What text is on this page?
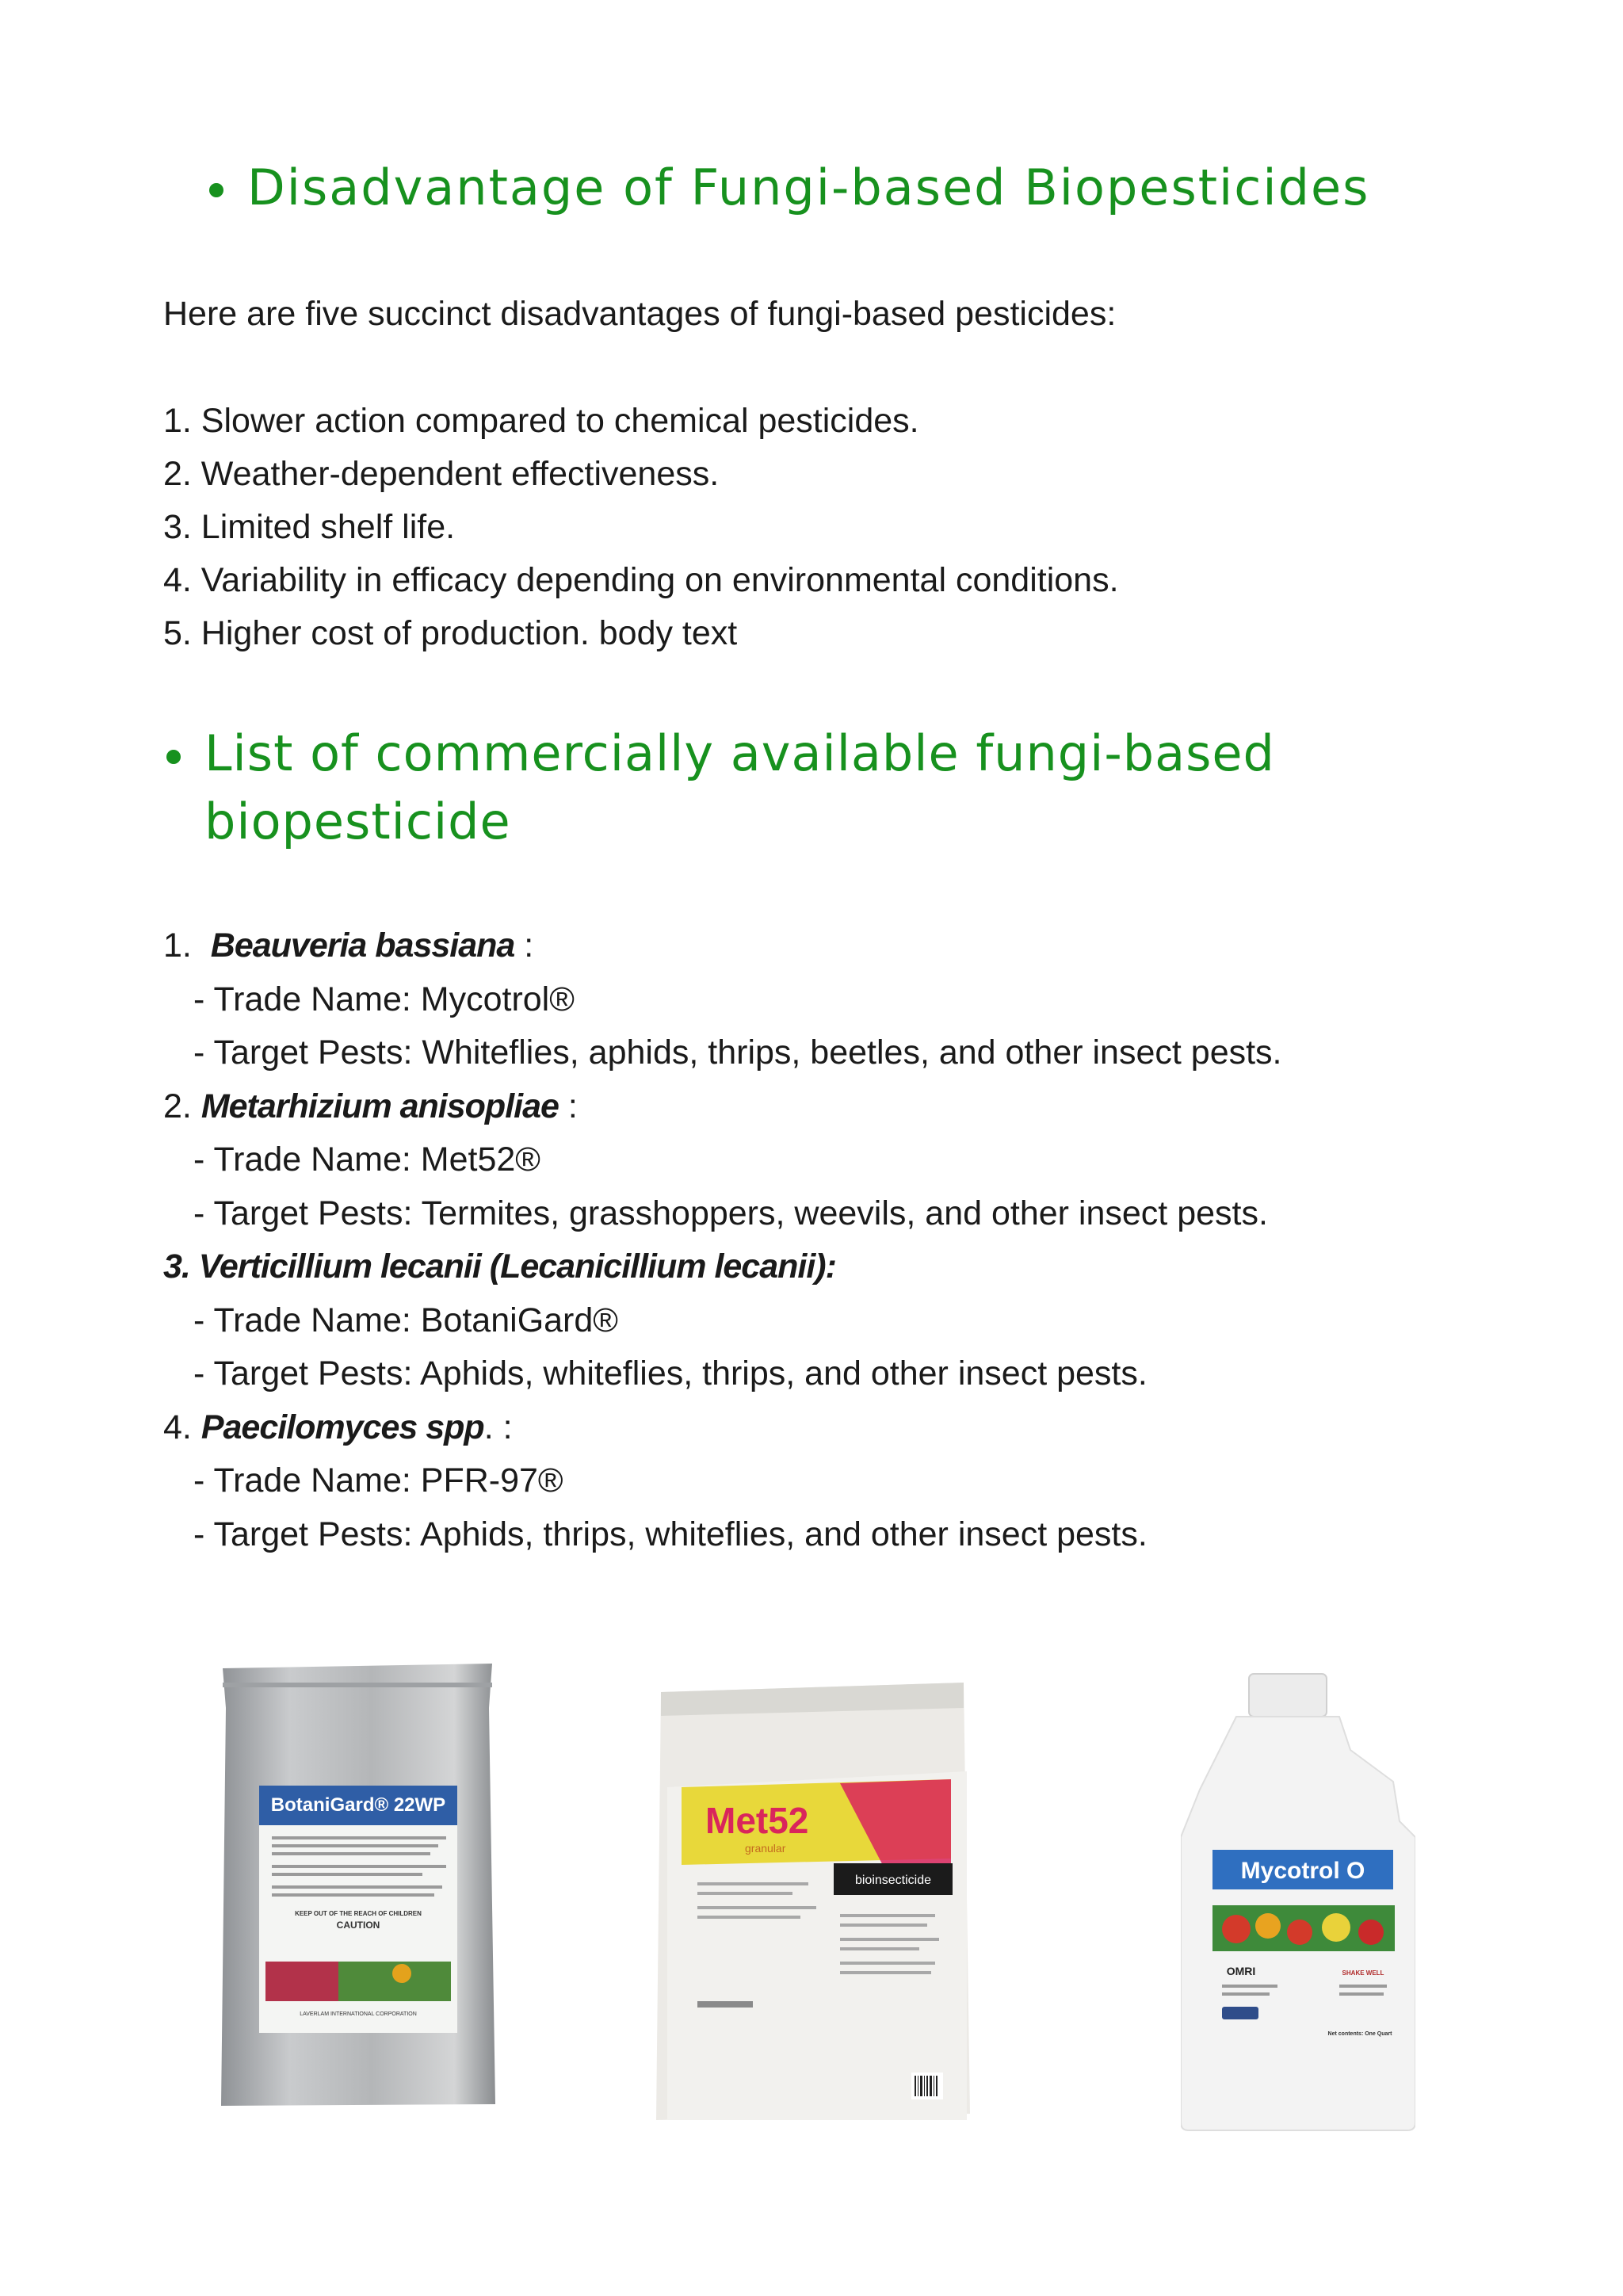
Disadvantage of Fungi-based Biopesticides
Here are five succinct disadvantages of fungi-based pesticides:
1. Slower action compared to chemical pesticides.
2. Weather-dependent effectiveness.
3. Limited shelf life.
4. Variability in efficacy depending on environmental conditions.
5. Higher cost of production. body text
List of commercially available fungi-based
biopesticide
1.  Beauveria bassiana :
- Trade Name: Mycotrol®
- Target Pests: Whiteflies, aphids, thrips, beetles, and other insect pests.
2. Metarhizium anisopliae :
- Trade Name: Met52®
- Target Pests: Termites, grasshoppers, weevils, and other insect pests.
3. Verticillium lecanii (Lecanicillium lecanii):
- Trade Name: BotaniGard®
- Target Pests: Aphids, whiteflies, thrips, and other insect pests.
4. Paecilomyces spp. :
- Trade Name: PFR-97®
- Target Pests: Aphids, thrips, whiteflies, and other insect pests.
BotaniGard® 22WP
KEEP OUT OF THE REACH OF CHILDREN
CAUTION
LAVERLAM INTERNATIONAL CORPORATION
Met52
granular
bioinsecticide	Mycotrol O
OMRI	SHAKE WELL
Net contents: One Quart
